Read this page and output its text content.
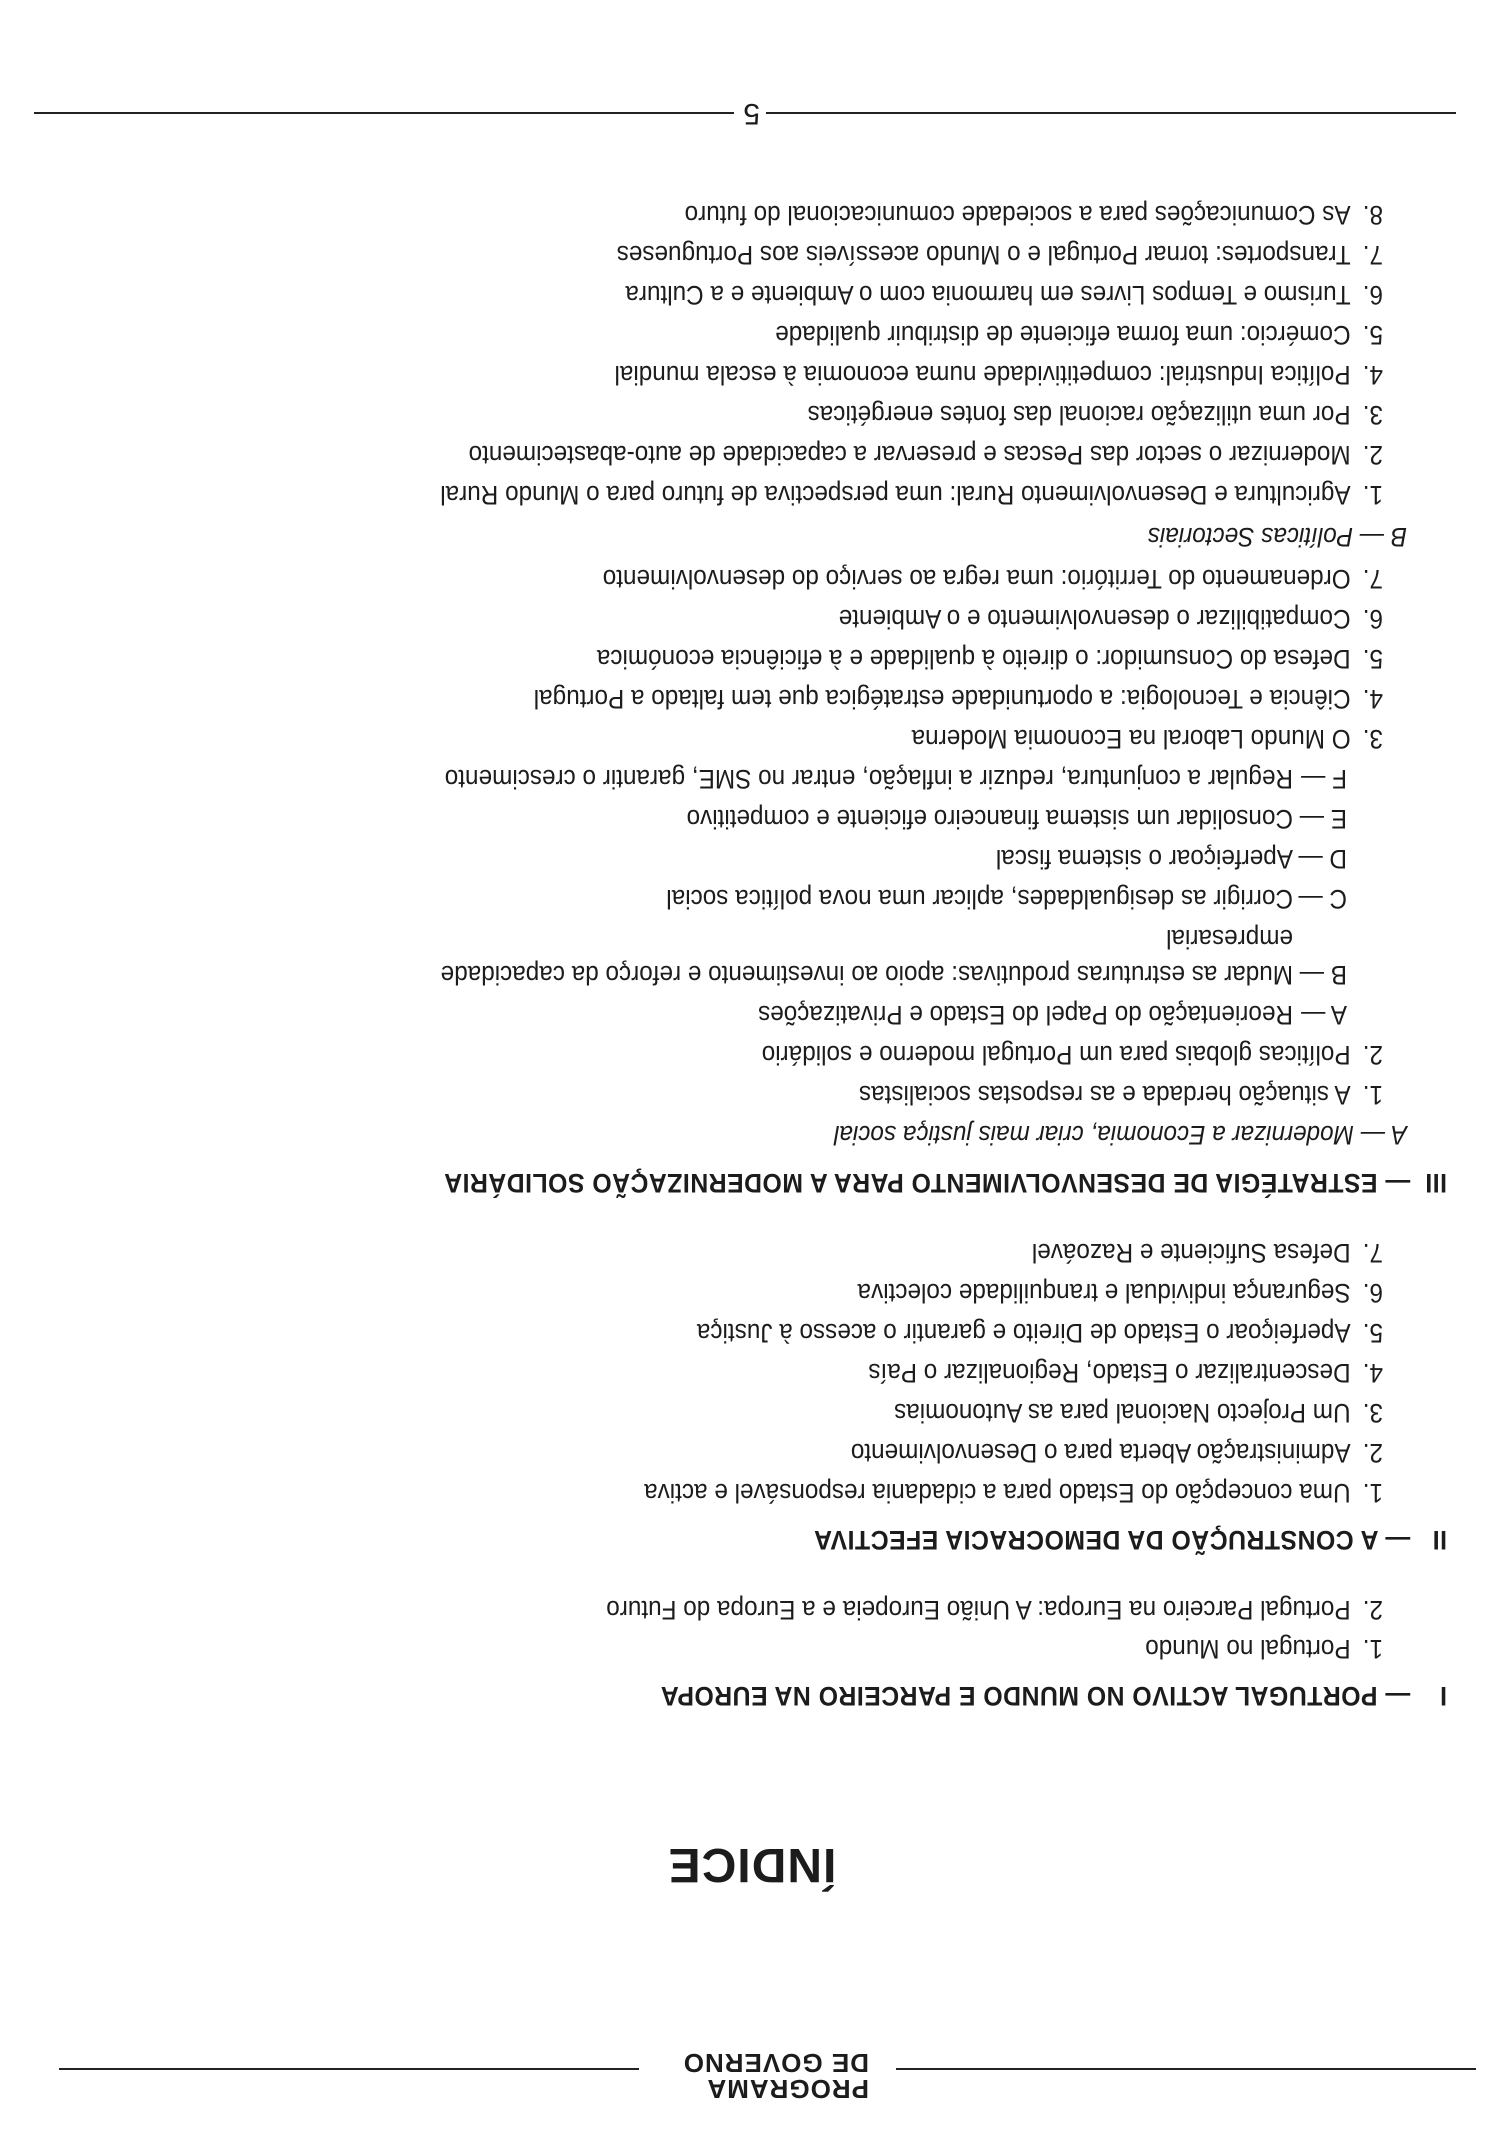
PROGRAMA
DE GOVERNO
ÍNDICE
I— PORTUGAL ACTIVO NO MUNDO E PARCEIRO NA EUROPA
1.Portugal no Mundo
2.Portugal Parceiro na Europa: A União Europeia e a Europa do Futuro
II— A CONSTRUÇÃO DA DEMOCRACIA EFECTIVA
1.Uma concepção do Estado para a cidadania responsável e activa
2.Administração Aberta para o Desenvolvimento
3.Um Projecto Nacional para as Autonomias
4.Descentralizar o Estado, Regionalizar o País
5.Aperfeiçoar o Estado de Direito e garantir o acesso à Justiça
6.Segurança individual e tranquilidade colectiva
7.Defesa Suficiente e Razoável
III— ESTRATÉGIA DE DESENVOLVIMENTO PARA A MODERNIZAÇÃO SOLIDÁRIA
A — Modernizar a Economia, criar mais justiça social
1.A situação herdada e as respostas socialistas
2.Políticas globais para um Portugal moderno e solidário
A —Reorientação do Papel do Estado e Privatizações
B —Mudar as estruturas produtivas: apoio ao investimento e reforço da capacidade
empresarial
C —Corrigir as desigualdades, aplicar uma nova política social
D —Aperfeiçoar o sistema fiscal
E —Consolidar um sistema financeiro eficiente e competitivo
F —Regular a conjuntura, reduzir a inflação, entrar no SME, garantir o crescimento
3.O Mundo Laboral na Economia Moderna
4.Ciência e Tecnologia: a oportunidade estratégica que tem faltado a Portugal
5.Defesa do Consumidor: o direito à qualidade e à eficiência económica
6.Compatibilizar o desenvolvimento e o Ambiente
7.Ordenamento do Território: uma regra ao serviço do desenvolvimento
B — Políticas Sectoriais
1.Agricultura e Desenvolvimento Rural: uma perspectiva de futuro para o Mundo Rural
2.Modernizar o sector das Pescas e preservar a capacidade de auto-abastecimento
3.Por uma utilização racional das fontes energéticas
4.Política Industrial: competitividade numa economia à escala mundial
5.Comércio: uma forma eficiente de distribuir qualidade
6.Turismo e Tempos Livres em harmonia com o Ambiente e a Cultura
7.Transportes: tornar Portugal e o Mundo acessíveis aos Portugueses
8.As Comunicações para a sociedade comunicacional do futuro
5
